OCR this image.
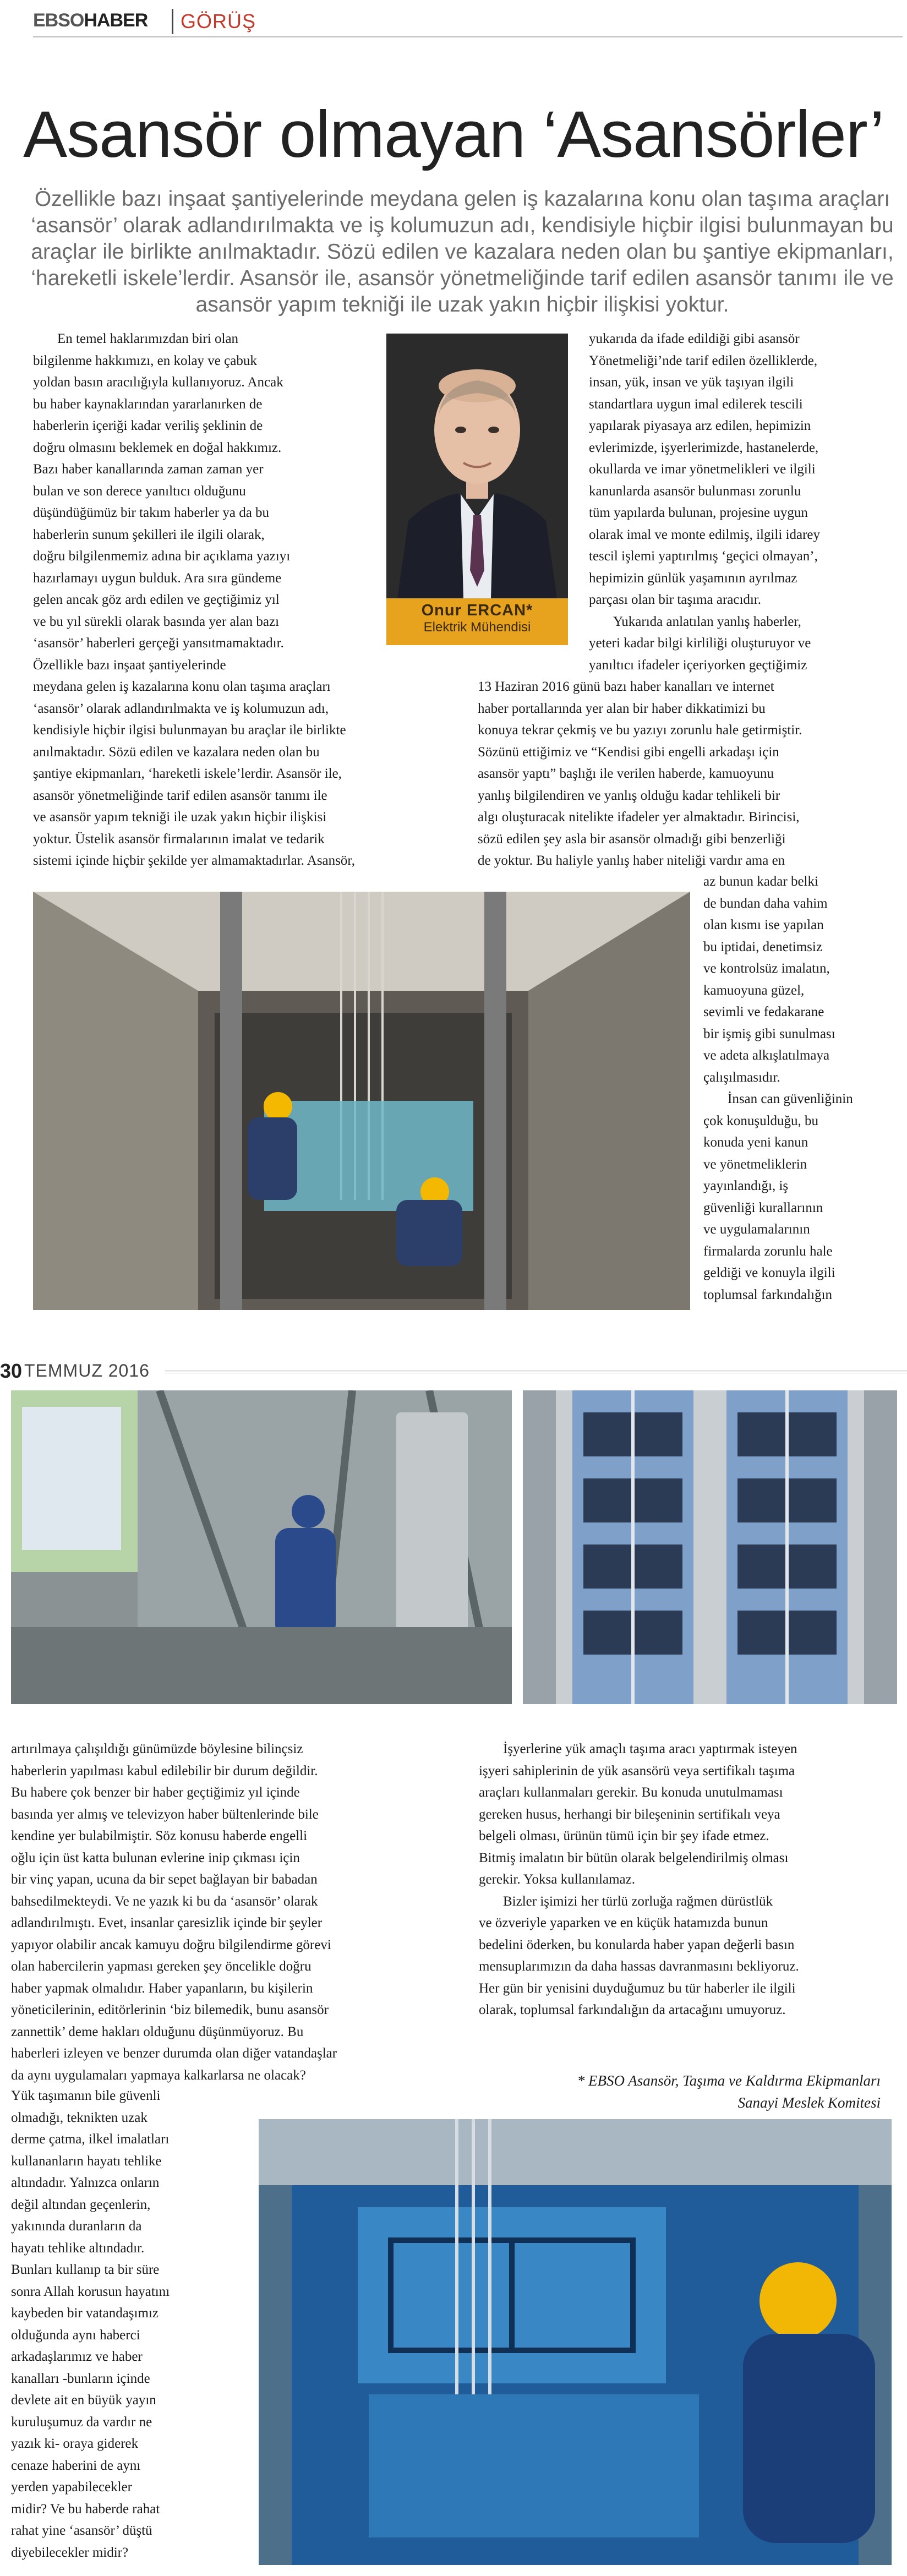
EBSOHABER GÖRÜŞ
Asansör olmayan ‘Asansörler’

Özellikle bazı inşaat şantiyelerinde meydana gelen iş kazalarına konu olan taşıma araçları ‘asansör’ olarak adlandırılmakta ve iş kolumuzun adı, kendisiyle hiçbir ilgisi bulunmayan bu araçlar ile birlikte anılmaktadır. Sözü edilen ve kazalara neden olan bu şantiye ekipmanları, ‘hareketli iskele’lerdir. Asansör ile, asansör yönetmeliğinde tarif edilen asansör tanımı ile ve asansör yapım tekniği ile uzak yakın hiçbir ilişkisi yoktur.

En temel haklarımızdan biri olan
bilgilenme hakkımızı, en kolay ve çabuk
yoldan basın aracılığıyla kullanıyoruz. Ancak
bu haber kaynaklarından yararlanırken de
haberlerin içeriği kadar veriliş şeklinin de
doğru olmasını beklemek en doğal hakkımız.
Bazı haber kanallarında zaman zaman yer
bulan ve son derece yanıltıcı olduğunu
düşündüğümüz bir takım haberler ya da bu
haberlerin sunum şekilleri ile ilgili olarak,
doğru bilgilenmemiz adına bir açıklama yazıyı
hazırlamayı uygun bulduk. Ara sıra gündeme
gelen ancak göz ardı edilen ve geçtiğimiz yıl
ve bu yıl sürekli olarak basında yer alan bazı
‘asansör’ haberleri gerçeği yansıtmamaktadır.
Özellikle bazı inşaat şantiyelerinde
meydana gelen iş kazalarına konu olan taşıma araçları
‘asansör’ olarak adlandırılmakta ve iş kolumuzun adı,
kendisiyle hiçbir ilgisi bulunmayan bu araçlar ile birlikte
anılmaktadır. Sözü edilen ve kazalara neden olan bu
şantiye ekipmanları, ‘hareketli iskele’lerdir. Asansör ile,
asansör yönetmeliğinde tarif edilen asansör tanımı ile
ve asansör yapım tekniği ile uzak yakın hiçbir ilişkisi
yoktur. Üstelik asansör firmalarının imalat ve tedarik
sistemi içinde hiçbir şekilde yer almamaktadırlar. Asansör,

Onur ERCAN*
Elektrik Mühendisi

yukarıda da ifade edildiği gibi asansör
Yönetmeliği’nde tarif edilen özelliklerde,
insan, yük, insan ve yük taşıyan ilgili
standartlara uygun imal edilerek tescili
yapılarak piyasaya arz edilen, hepimizin
evlerimizde, işyerlerimizde, hastanelerde,
okullarda ve imar yönetmelikleri ve ilgili
kanunlarda asansör bulunması zorunlu
tüm yapılarda bulunan, projesine uygun
olarak imal ve monte edilmiş, ilgili idarey
tescil işlemi yaptırılmış ‘geçici olmayan’,
hepimizin günlük yaşamının ayrılmaz
parçası olan bir taşıma aracıdır.
Yukarıda anlatılan yanlış haberler,
yeteri kadar bilgi kirliliği oluşturuyor ve
yanıltıcı ifadeler içeriyorken geçtiğimiz

13 Haziran 2016 günü bazı haber kanalları ve internet
haber portallarında yer alan bir haber dikkatimizi bu
konuya tekrar çekmiş ve bu yazıyı zorunlu hale getirmiştir.
Sözünü ettiğimiz ve “Kendisi gibi engelli arkadaşı için
asansör yaptı” başlığı ile verilen haberde, kamuoyunu
yanlış bilgilendiren ve yanlış olduğu kadar tehlikeli bir
algı oluşturacak nitelikte ifadeler yer almaktadır. Birincisi,
sözü edilen şey asla bir asansör olmadığı gibi benzerliği
de yoktur. Bu haliyle yanlış haber niteliği vardır ama en

az bunun kadar belki
de bundan daha vahim
olan kısmı ise yapılan
bu iptidai, denetimsiz
ve kontrolsüz imalatın,
kamuoyuna güzel,
sevimli ve fedakarane
bir işmiş gibi sunulması
ve adeta alkışlatılmaya
çalışılmasıdır.
İnsan can güvenliğinin
çok konuşulduğu, bu
konuda yeni kanun
ve yönetmeliklerin
yayınlandığı, iş
güvenliği kurallarının
ve uygulamalarının
firmalarda zorunlu hale
geldiği ve konuyla ilgili
toplumsal farkındalığın

30 TEMMUZ 2016

artırılmaya çalışıldığı günümüzde böylesine bilinçsiz
haberlerin yapılması kabul edilebilir bir durum değildir.
Bu habere çok benzer bir haber geçtiğimiz yıl içinde
basında yer almış ve televizyon haber bültenlerinde bile
kendine yer bulabilmiştir. Söz konusu haberde engelli
oğlu için üst katta bulunan evlerine inip çıkması için
bir vinç yapan, ucuna da bir sepet bağlayan bir babadan
bahsedilmekteydi. Ve ne yazık ki bu da ‘asansör’ olarak
adlandırılmıştı. Evet, insanlar çaresizlik içinde bir şeyler
yapıyor olabilir ancak kamuyu doğru bilgilendirme görevi
olan habercilerin yapması gereken şey öncelikle doğru
haber yapmak olmalıdır. Haber yapanların, bu kişilerin
yöneticilerinin, editörlerinin ‘biz bilemedik, bunu asansör
zannettik’ deme hakları olduğunu düşünmüyoruz. Bu
haberleri izleyen ve benzer durumda olan diğer vatandaşlar
da aynı uygulamaları yapmaya kalkarlarsa ne olacak?

Yük taşımanın bile güvenli
olmadığı, teknikten uzak
derme çatma, ilkel imalatları
kullananların hayatı tehlike
altındadır. Yalnızca onların
değil altından geçenlerin,
yakınında duranların da
hayatı tehlike altındadır.
Bunları kullanıp ta bir süre
sonra Allah korusun hayatını
kaybeden bir vatandaşımız
olduğunda aynı haberci
arkadaşlarımız ve haber
kanalları -bunların içinde
devlete ait en büyük yayın
kuruluşumuz da vardır ne
yazık ki- oraya giderek
cenaze haberini de aynı
yerden yapabilecekler
midir? Ve bu haberde rahat
rahat yine ‘asansör’ düştü
diyebilecekler midir?

İşyerlerine yük amaçlı taşıma aracı yaptırmak isteyen
işyeri sahiplerinin de yük asansörü veya sertifikalı taşıma
araçları kullanmaları gerekir. Bu konuda unutulmaması
gereken husus, herhangi bir bileşeninin sertifikalı veya
belgeli olması, ürünün tümü için bir şey ifade etmez.
Bitmiş imalatın bir bütün olarak belgelendirilmiş olması
gerekir. Yoksa kullanılamaz.
Bizler işimizi her türlü zorluğa rağmen dürüstlük
ve özveriyle yaparken ve en küçük hatamızda bunun
bedelini öderken, bu konularda haber yapan değerli basın
mensuplarımızın da daha hassas davranmasını bekliyoruz.
Her gün bir yenisini duyduğumuz bu tür haberler ile ilgili
olarak, toplumsal farkındalığın da artacağını umuyoruz.

* EBSO Asansör, Taşıma ve Kaldırma Ekipmanları
Sanayi Meslek Komitesi
